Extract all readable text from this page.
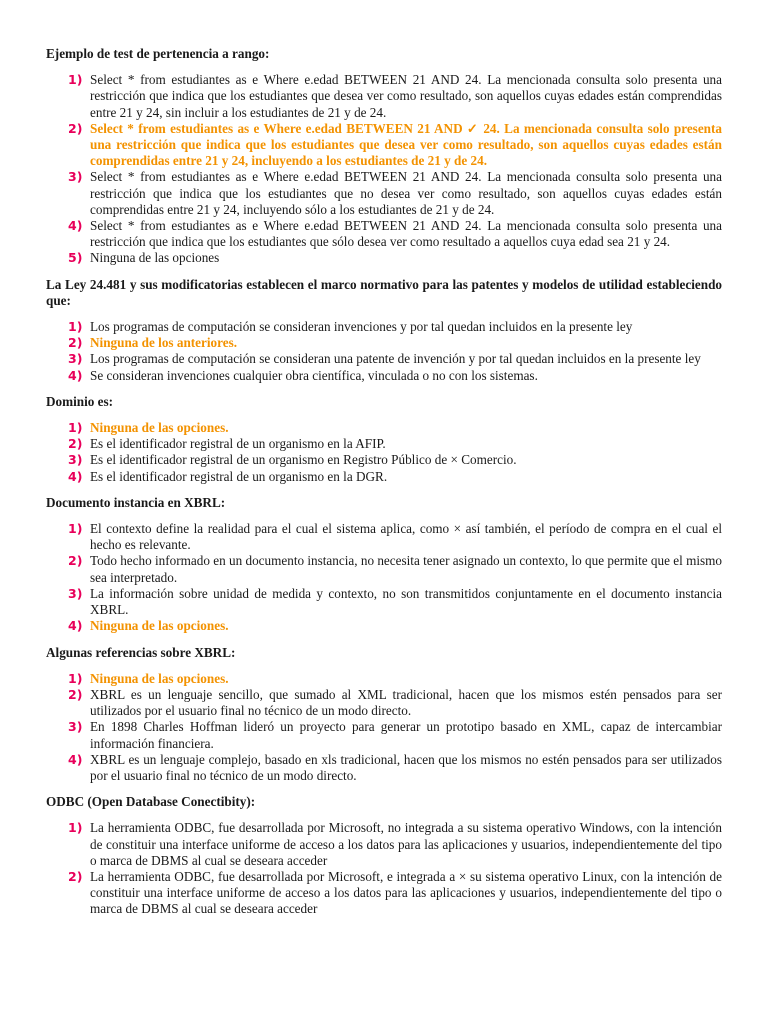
Ejemplo de test de pertenencia a rango:
1) Select * from estudiantes as e Where e.edad BETWEEN 21 AND 24. La mencionada consulta solo presenta una restricción que indica que los estudiantes que desea ver como resultado, son aquellos cuyas edades están comprendidas entre 21 y 24, sin incluir a los estudiantes de 21 y de 24.
2) Select * from estudiantes as e Where e.edad BETWEEN 21 AND ✓ 24. La mencionada consulta solo presenta una restricción que indica que los estudiantes que desea ver como resultado, son aquellos cuyas edades están comprendidas entre 21 y 24, incluyendo a los estudiantes de 21 y de 24.
3) Select * from estudiantes as e Where e.edad BETWEEN 21 AND 24. La mencionada consulta solo presenta una restricción que indica que los estudiantes que no desea ver como resultado, son aquellos cuyas edades están comprendidas entre 21 y 24, incluyendo sólo a los estudiantes de 21 y de 24.
4) Select * from estudiantes as e Where e.edad BETWEEN 21 AND 24. La mencionada consulta solo presenta una restricción que indica que los estudiantes que sólo desea ver como resultado a aquellos cuya edad sea 21 y 24.
5) Ninguna de las opciones
La Ley 24.481 y sus modificatorias establecen el marco normativo para las patentes y modelos de utilidad estableciendo que:
1) Los programas de computación se consideran invenciones y por tal quedan incluidos en la presente ley
2) Ninguna de los anteriores.
3) Los programas de computación se consideran una patente de invención y por tal quedan incluidos en la presente ley
4) Se consideran invenciones cualquier obra científica, vinculada o no con los sistemas.
Dominio es:
1) Ninguna de las opciones.
2) Es el identificador registral de un organismo en la AFIP.
3) Es el identificador registral de un organismo en Registro Público de × Comercio.
4) Es el identificador registral de un organismo en la DGR.
Documento instancia en XBRL:
1) El contexto define la realidad para el cual el sistema aplica, como × así también, el período de compra en el cual el hecho es relevante.
2) Todo hecho informado en un documento instancia, no necesita tener asignado un contexto, lo que permite que el mismo sea interpretado.
3) La información sobre unidad de medida y contexto, no son transmitidos conjuntamente en el documento instancia XBRL.
4) Ninguna de las opciones.
Algunas referencias sobre XBRL:
1) Ninguna de las opciones.
2) XBRL es un lenguaje sencillo, que sumado al XML tradicional, hacen que los mismos estén pensados para ser utilizados por el usuario final no técnico de un modo directo.
3) En 1898 Charles Hoffman lideró un proyecto para generar un prototipo basado en XML, capaz de intercambiar información financiera.
4) XBRL es un lenguaje complejo, basado en xls tradicional, hacen que los mismos no estén pensados para ser utilizados por el usuario final no técnico de un modo directo.
ODBC (Open Database Conectibity):
1) La herramienta ODBC, fue desarrollada por Microsoft, no integrada a su sistema operativo Windows, con la intención de constituir una interface uniforme de acceso a los datos para las aplicaciones y usuarios, independientemente del tipo o marca de DBMS al cual se deseara acceder
2) La herramienta ODBC, fue desarrollada por Microsoft, e integrada a × su sistema operativo Linux, con la intención de constituir una interface uniforme de acceso a los datos para las aplicaciones y usuarios, independientemente del tipo o marca de DBMS al cual se deseara acceder
